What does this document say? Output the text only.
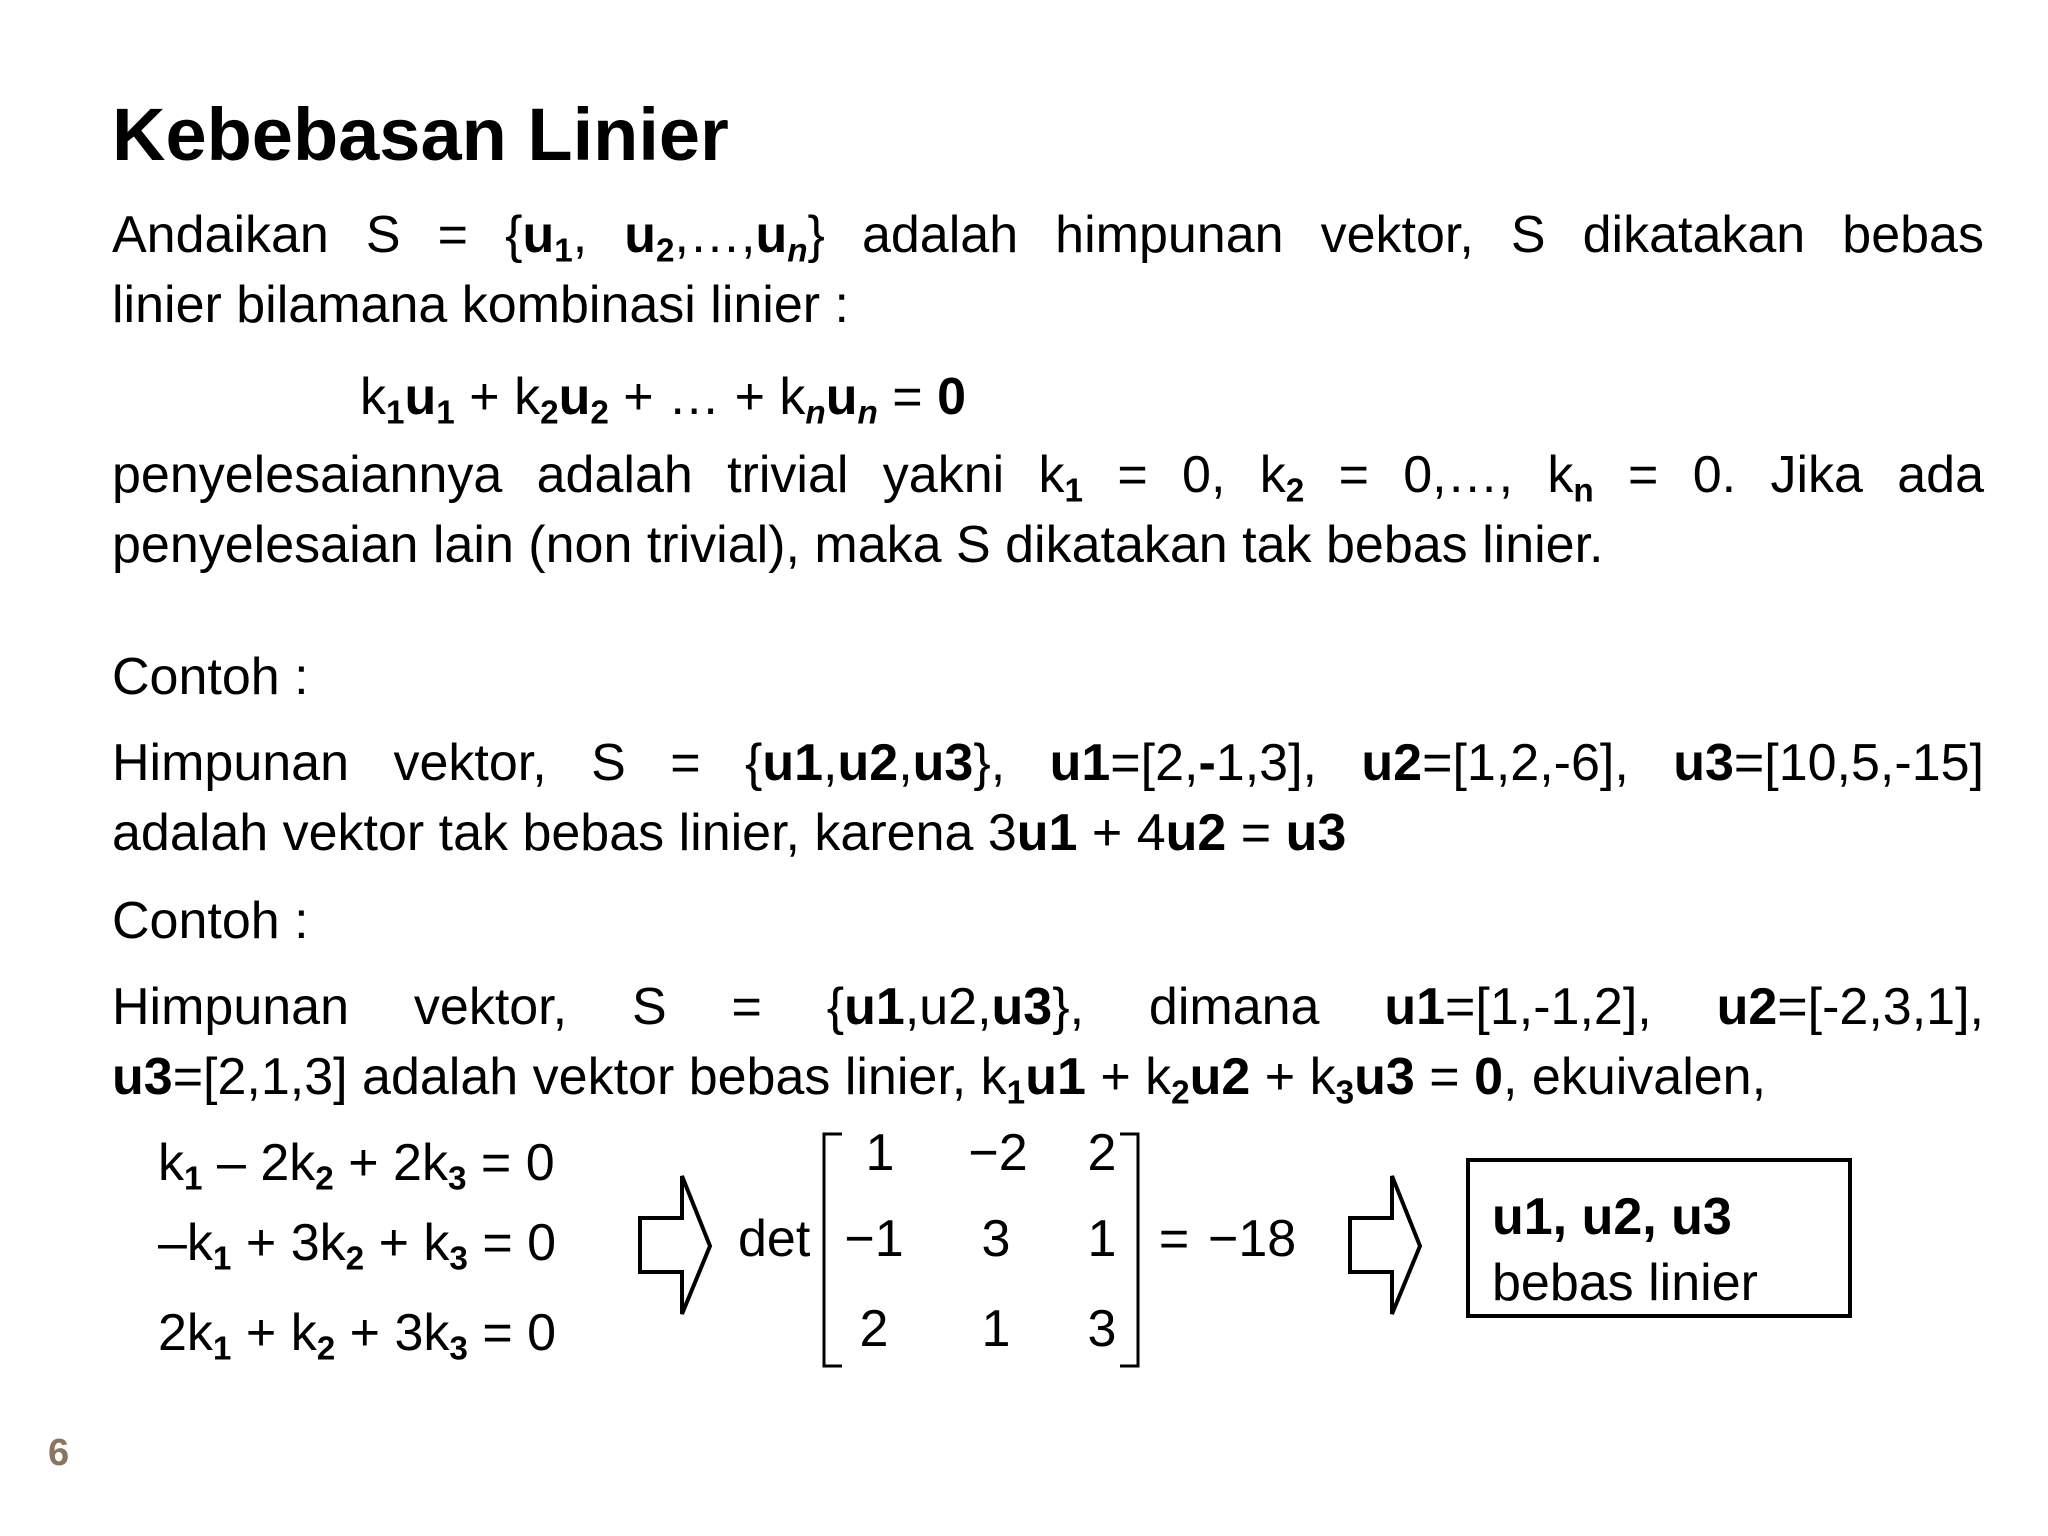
Kebebasan Linier

Andaikan $S = \{u_1$, $u_2,\dots,u_n$} adalah himpunan vektor, S dikatakan bebas
linier bilamana kombinasi linier :

$k_1u_1 + k_2u_2$ + … + $k_nu_n = 0$

penyelesaiannya adalah trivial yakni $k_1 = 0$, $k_2$ = 0,…, $k_n = 0$. Jika ada
penyelesaian lain (non trivial), maka S dikatakan tak bebas linier.

Contoh :

Himpunan vektor, S = {u1,u2,u3}, u1=[2,-1,3], u2=[1,2,-6], u3=[10,5,-15]
adalah vektor tak bebas linier, karena 3u1 + 4u2 = u3

Contoh :

Himpunan vektor, S = {u1,u2,u3}, dimana u1=[1,-1,2], u2=[-2,3,1],
u3=[2,1,3] adalah vektor bebas linier, $k_1u1 + k_2u2 + k_3u3 = 0$, ekuivalen,

$k_1 - 2k_2 + 2k_3 = 0$
$-k_1 + 3k_2 + k_3 = 0$
$2k_1 + k_2 + 3k_3 = 0$
det
1 −2 2
−1 3 1
2 1 3
= −18	u1, u2, u3
bebas linier
6
